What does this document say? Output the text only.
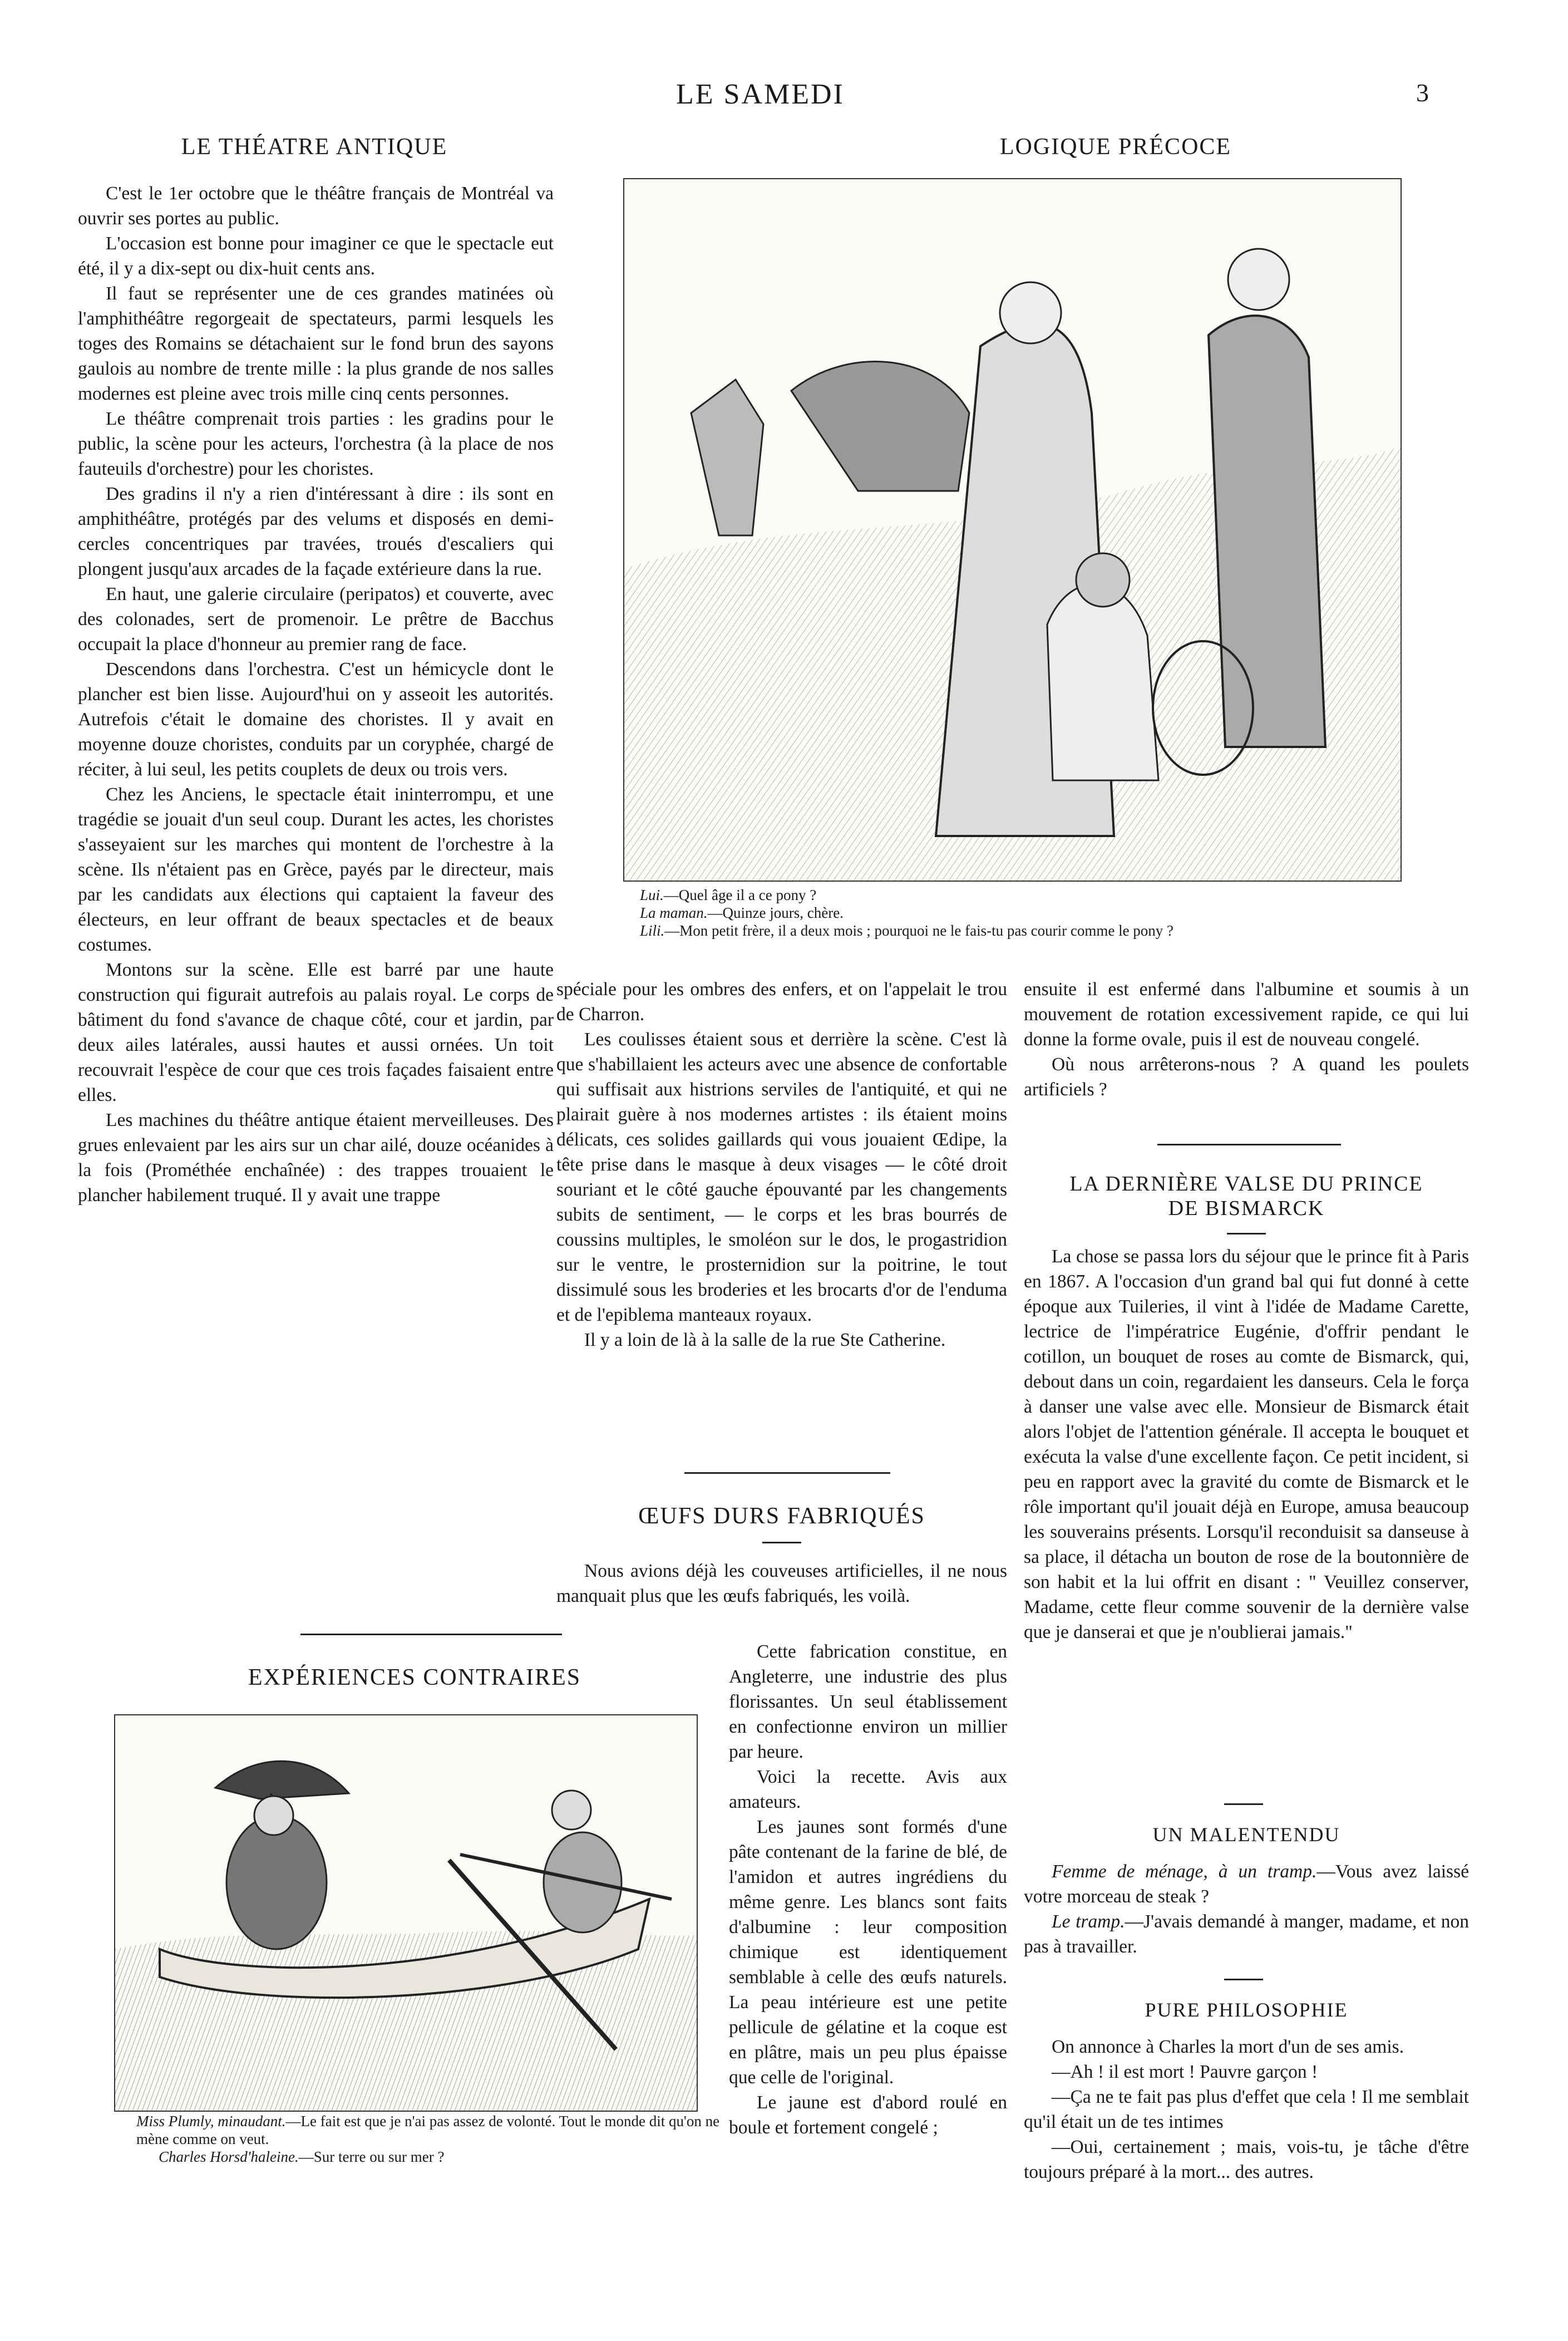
LE SAMEDI	3
LE THÉATRE ANTIQUE

C'est le 1er octobre que le théâtre français de Montréal va ouvrir ses portes au public.

L'occasion est bonne pour imaginer ce que le spectacle eut été, il y a dix-sept ou dix-huit cents ans.

Il faut se représenter une de ces grandes matinées où l'amphithéâtre regorgeait de spectateurs, parmi lesquels les toges des Romains se détachaient sur le fond brun des sayons gaulois au nombre de trente mille : la plus grande de nos salles modernes est pleine avec trois mille cinq cents personnes.

Le théâtre comprenait trois parties : les gradins pour le public, la scène pour les acteurs, l'orchestra (à la place de nos fauteuils d'orchestre) pour les choristes.

Des gradins il n'y a rien d'intéressant à dire : ils sont en amphithéâtre, protégés par des velums et disposés en demi-cercles concentriques par travées, troués d'escaliers qui plongent jusqu'aux arcades de la façade extérieure dans la rue.

En haut, une galerie circulaire (peripatos) et couverte, avec des colonades, sert de promenoir. Le prêtre de Bacchus occupait la place d'honneur au premier rang de face.

Descendons dans l'orchestra. C'est un hémicycle dont le plancher est bien lisse. Aujourd'hui on y asseoit les autorités. Autrefois c'était le domaine des choristes. Il y avait en moyenne douze choristes, conduits par un coryphée, chargé de réciter, à lui seul, les petits couplets de deux ou trois vers.

Chez les Anciens, le spectacle était ininterrompu, et une tragédie se jouait d'un seul coup. Durant les actes, les choristes s'asseyaient sur les marches qui montent de l'orchestre à la scène. Ils n'étaient pas en Grèce, payés par le directeur, mais par les candidats aux élections qui captaient la faveur des électeurs, en leur offrant de beaux spectacles et de beaux costumes.

Montons sur la scène. Elle est barré par une haute construction qui figurait autrefois au palais royal. Le corps de bâtiment du fond s'avance de chaque côté, cour et jardin, par deux ailes latérales, aussi hautes et aussi ornées. Un toit recouvrait l'espèce de cour que ces trois façades faisaient entre elles.

Les machines du théâtre antique étaient merveilleuses. Des grues enlevaient par les airs sur un char ailé, douze océanides à la fois (Prométhée enchaînée) : des trappes trouaient le plancher habilement truqué. Il y avait une trappe

EXPÉRIENCES CONTRAIRES
Miss Plumly, minaudant.—Le fait est que je n'ai pas assez de volonté. Tout le monde dit qu'on ne mène comme on veut.
Charles Horsd'haleine.—Sur terre ou sur mer ?
LOGIQUE PRÉCOCE
Lui.—Quel âge il a ce pony ?
La maman.—Quinze jours, chère.
Lili.—Mon petit frère, il a deux mois ; pourquoi ne le fais-tu pas courir comme le pony ?

spéciale pour les ombres des enfers, et on l'appelait le trou de Charron.

Les coulisses étaient sous et derrière la scène. C'est là que s'habillaient les acteurs avec une absence de confortable qui suffisait aux histrions serviles de l'antiquité, et qui ne plairait guère à nos modernes artistes : ils étaient moins délicats, ces solides gaillards qui vous jouaient Œdipe, la tête prise dans le masque à deux visages — le côté droit souriant et le côté gauche épouvanté par les changements subits de sentiment, — le corps et les bras bourrés de coussins multiples, le smoléon sur le dos, le progastridion sur le ventre, le prosternidion sur la poitrine, le tout dissimulé sous les broderies et les brocarts d'or de l'enduma et de l'epiblema manteaux royaux.

Il y a loin de là à la salle de la rue Ste Catherine.

ŒUFS DURS FABRIQUÉS

Nous avions déjà les couveuses artificielles, il ne nous manquait plus que les œufs fabriqués, les voilà.

Cette fabrication constitue, en Angleterre, une industrie des plus florissantes. Un seul établissement en confectionne environ un millier par heure.

Voici la recette. Avis aux amateurs.

Les jaunes sont formés d'une pâte contenant de la farine de blé, de l'amidon et autres ingrédiens du même genre. Les blancs sont faits d'albumine : leur composition chimique est identiquement semblable à celle des œufs naturels. La peau intérieure est une petite pellicule de gélatine et la coque est en plâtre, mais un peu plus épaisse que celle de l'original.

Le jaune est d'abord roulé en boule et fortement congelé ;

ensuite il est enfermé dans l'albumine et soumis à un mouvement de rotation excessivement rapide, ce qui lui donne la forme ovale, puis il est de nouveau congelé.

Où nous arrêterons-nous ? A quand les poulets artificiels ?

LA DERNIÈRE VALSE DU PRINCE
DE BISMARCK

La chose se passa lors du séjour que le prince fit à Paris en 1867. A l'occasion d'un grand bal qui fut donné à cette époque aux Tuileries, il vint à l'idée de Madame Carette, lectrice de l'impératrice Eugénie, d'offrir pendant le cotillon, un bouquet de roses au comte de Bismarck, qui, debout dans un coin, regardaient les danseurs. Cela le força à danser une valse avec elle. Monsieur de Bismarck était alors l'objet de l'attention générale. Il accepta le bouquet et exécuta la valse d'une excellente façon. Ce petit incident, si peu en rapport avec la gravité du comte de Bismarck et le rôle important qu'il jouait déjà en Europe, amusa beaucoup les souverains présents. Lorsqu'il reconduisit sa danseuse à sa place, il détacha un bouton de rose de la boutonnière de son habit et la lui offrit en disant : " Veuillez conserver, Madame, cette fleur comme souvenir de la dernière valse que je danserai et que je n'oublierai jamais."

UN MALENTENDU

Femme de ménage, à un tramp.—Vous avez laissé votre morceau de steak ?

Le tramp.—J'avais demandé à manger, madame, et non pas à travailler.

PURE PHILOSOPHIE

On annonce à Charles la mort d'un de ses amis.

—Ah ! il est mort ! Pauvre garçon !

—Ça ne te fait pas plus d'effet que cela ! Il me semblait qu'il était un de tes intimes

—Oui, certainement ; mais, vois-tu, je tâche d'être toujours préparé à la mort... des autres.
